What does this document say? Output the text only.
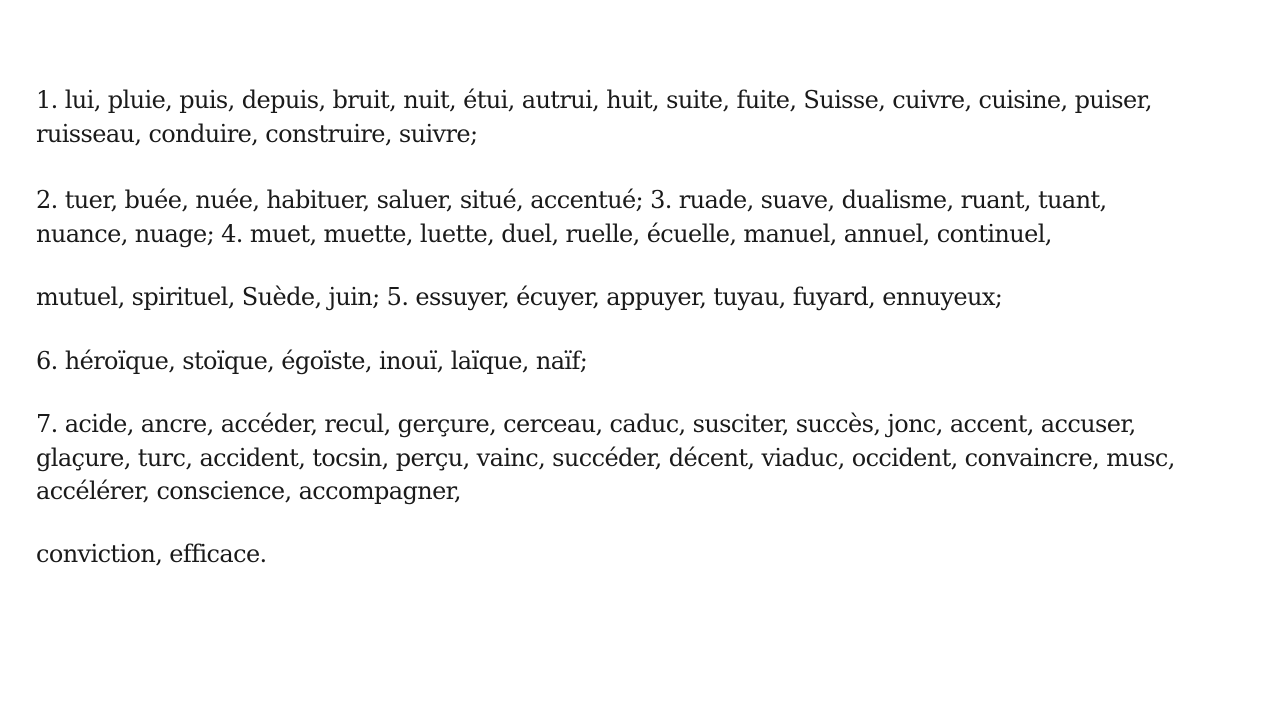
1. lui, pluie, puis, depuis, bruit, nuit, étui, autrui, huit, suite, fuite, Suisse, cuivre, cuisine, puiser,
ruisseau, conduire, construire, suivre;
2. tuer, buée, nuée, habituer, saluer, situé, accentué; 3. ruade, suave, dualisme, ruant, tuant,
nuance, nuage; 4. muet, muette, luette, duel, ruelle, écuelle, manuel, annuel, continuel,
mutuel, spirituel, Suède, juin; 5. essuyer, écuyer, appuyer, tuyau, fuyard, ennuyeux;
6. héroïque, stoïque, égoïste, inouï, laïque, naïf;
7. acide, ancre, accéder, recul, gerçure, cerceau, caduc, susciter, succès, jonc, accent, accuser,
glaçure, turc, accident, tocsin, perçu, vainc, succéder, décent, viaduc, occident, convaincre, musc,
accélérer, conscience, accompagner,
conviction, efficace.
